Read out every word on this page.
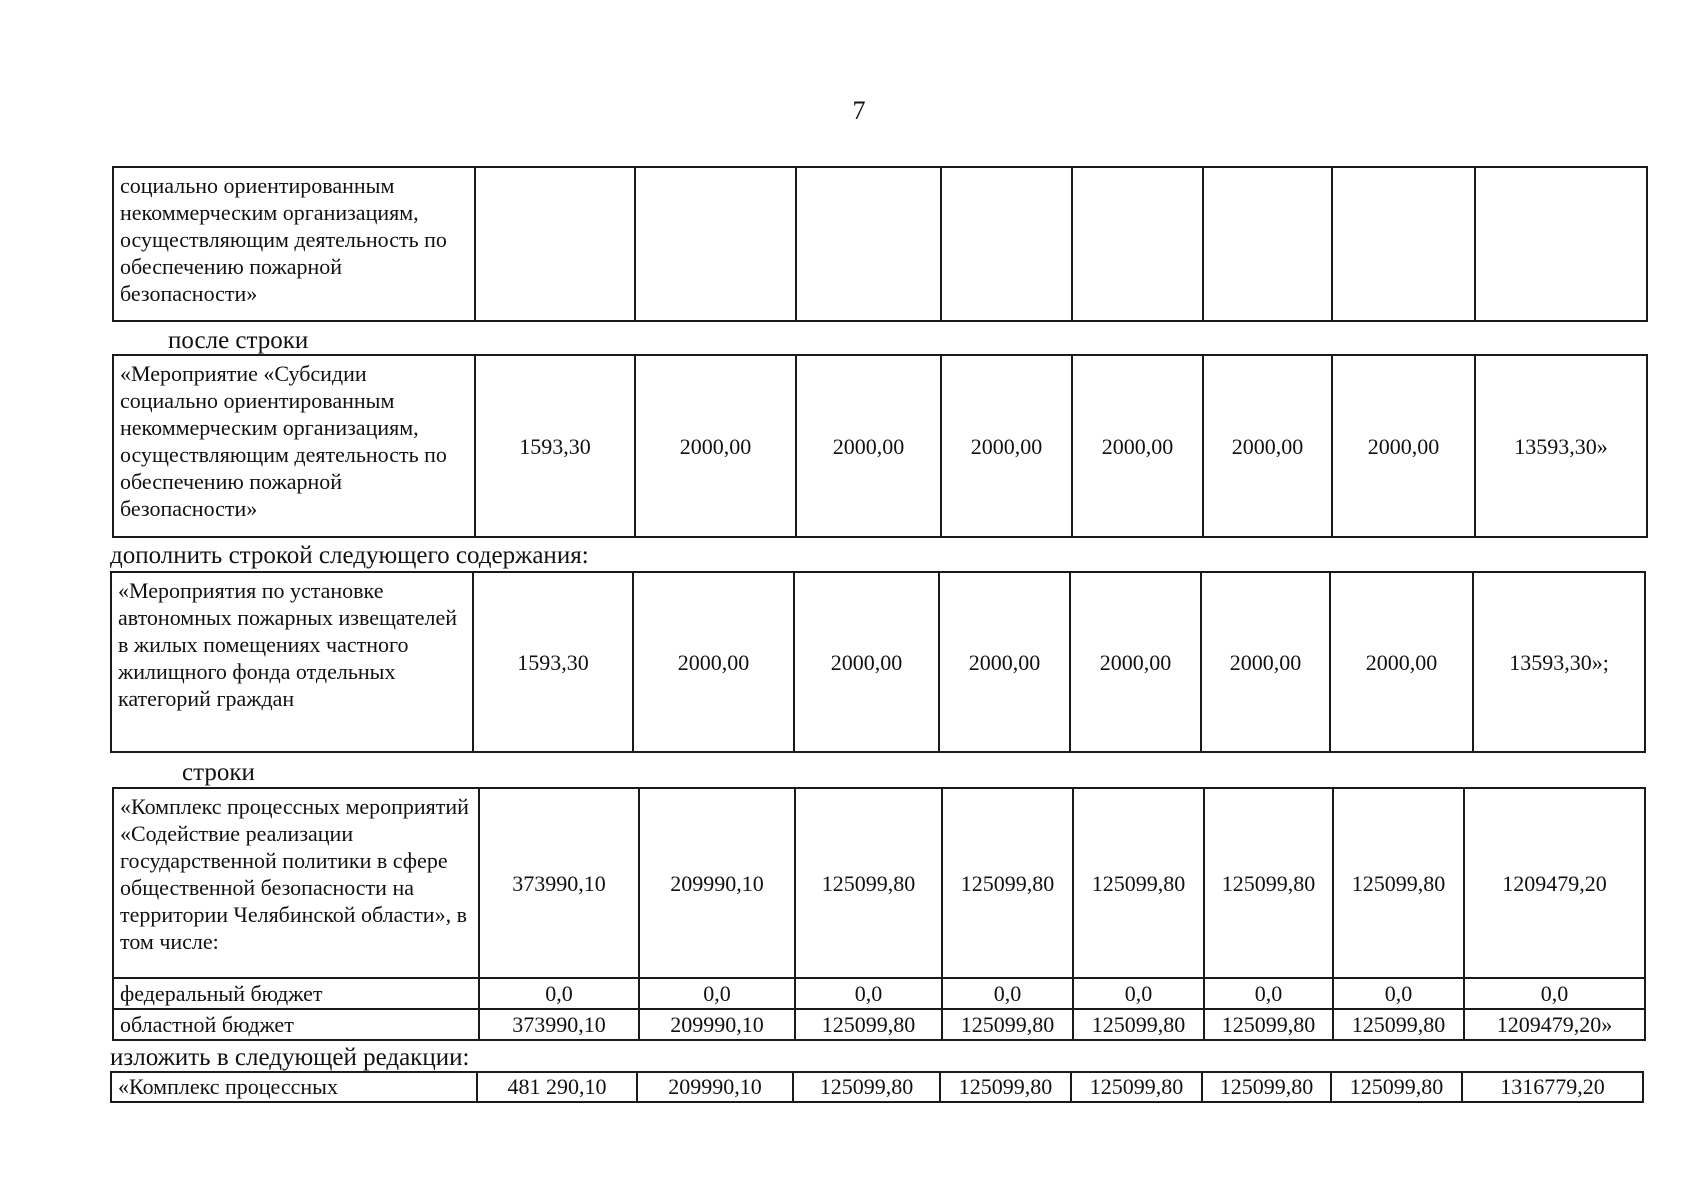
7
социально ориентированным некоммерческим организациям, осуществляющим деятельность по обеспечению пожарной безопасности»								
после строки
«Мероприятие «Субсидии социально ориентированным некоммерческим организациям, осуществляющим деятельность по обеспечению пожарной безопасности»	1593,30	2000,00	2000,00	2000,00	2000,00	2000,00	2000,00	13593,30»
дополнить строкой следующего содержания:
«Мероприятия по установке автономных пожарных извещателей в жилых помещениях частного жилищного фонда отдельных категорий граждан	1593,30	2000,00	2000,00	2000,00	2000,00	2000,00	2000,00	13593,30»;
строки
«Комплекс процессных мероприятий «Содействие реализации государственной политики в сфере общественной безопасности на территории Челябинской области», в том числе:	373990,10	209990,10	125099,80	125099,80	125099,80	125099,80	125099,80	1209479,20
федеральный бюджет	0,0	0,0	0,0	0,0	0,0	0,0	0,0	0,0
областной бюджет	373990,10	209990,10	125099,80	125099,80	125099,80	125099,80	125099,80	1209479,20»
изложить в следующей редакции:
«Комплекс процессных	481 290,10	209990,10	125099,80	125099,80	125099,80	125099,80	125099,80	1316779,20
